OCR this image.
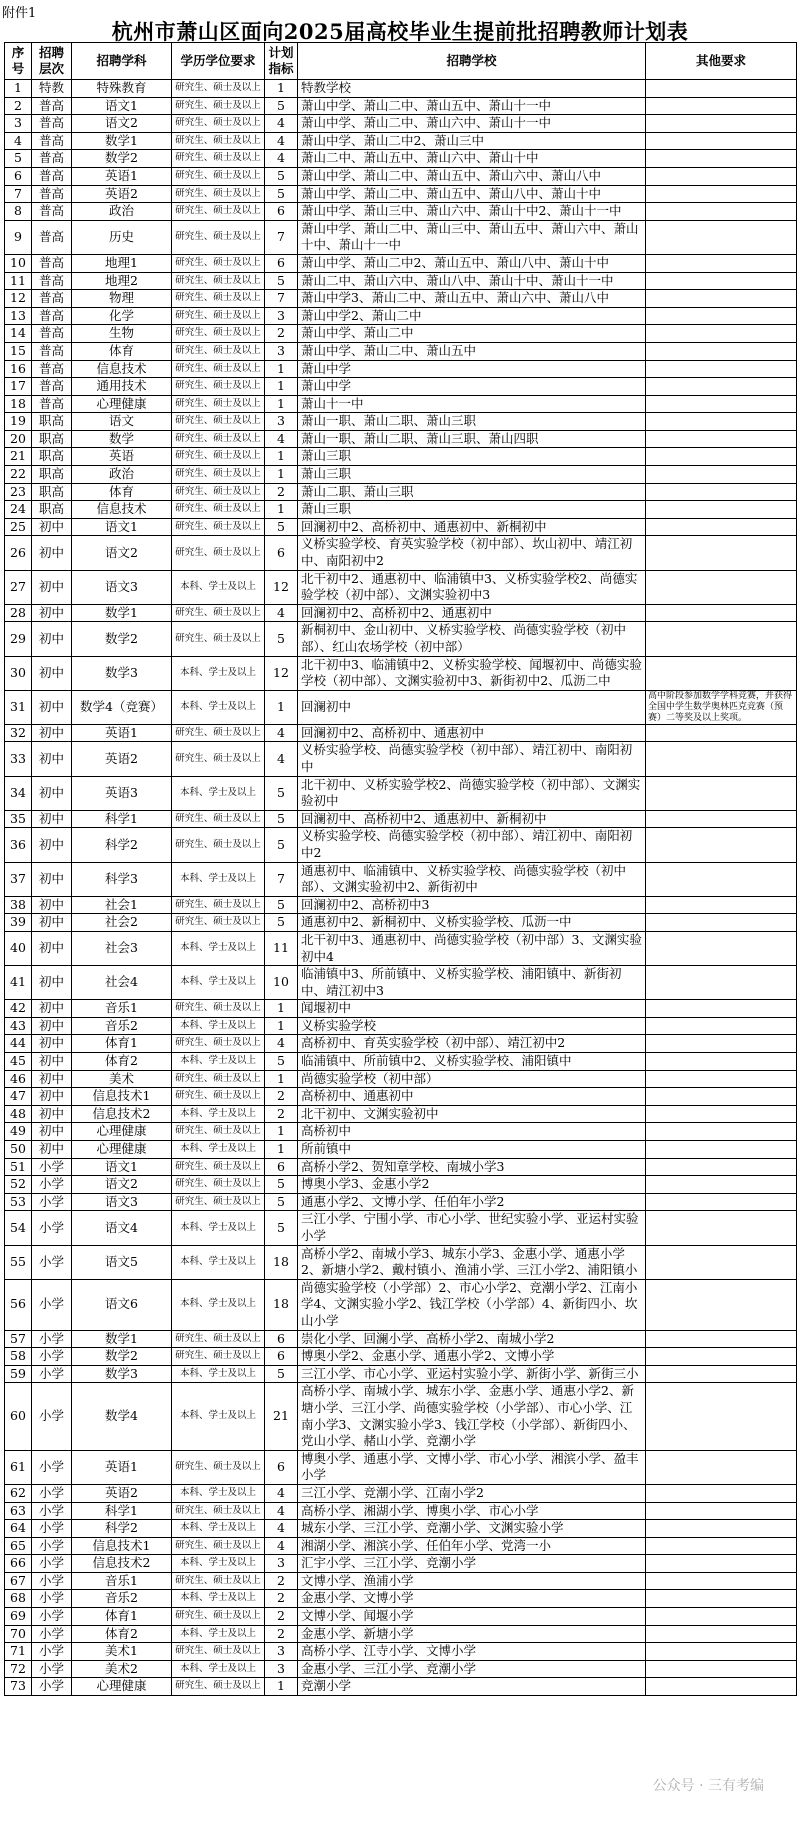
附件1
杭州市萧山区面向2025届高校毕业生提前批招聘教师计划表
序号	招聘层次	招聘学科	学历学位要求	计划指标	招聘学校	其他要求
1	特教	特殊教育	研究生、硕士及以上	1	特教学校	
2	普高	语文1	研究生、硕士及以上	5	萧山中学、萧山二中、萧山五中、萧山十一中	
3	普高	语文2	研究生、硕士及以上	4	萧山中学、萧山二中、萧山六中、萧山十一中	
4	普高	数学1	研究生、硕士及以上	4	萧山中学、萧山二中2、萧山三中	
5	普高	数学2	研究生、硕士及以上	4	萧山二中、萧山五中、萧山六中、萧山十中	
6	普高	英语1	研究生、硕士及以上	5	萧山中学、萧山二中、萧山五中、萧山六中、萧山八中	
7	普高	英语2	研究生、硕士及以上	5	萧山中学、萧山二中、萧山五中、萧山八中、萧山十中	
8	普高	政治	研究生、硕士及以上	6	萧山中学、萧山三中、萧山六中、萧山十中2、萧山十一中	
9	普高	历史	研究生、硕士及以上	7	萧山中学、萧山二中、萧山三中、萧山五中、萧山六中、萧山十中、萧山十一中	
10	普高	地理1	研究生、硕士及以上	6	萧山中学、萧山二中2、萧山五中、萧山八中、萧山十中	
11	普高	地理2	研究生、硕士及以上	5	萧山二中、萧山六中、萧山八中、萧山十中、萧山十一中	
12	普高	物理	研究生、硕士及以上	7	萧山中学3、萧山二中、萧山五中、萧山六中、萧山八中	
13	普高	化学	研究生、硕士及以上	3	萧山中学2、萧山二中	
14	普高	生物	研究生、硕士及以上	2	萧山中学、萧山二中	
15	普高	体育	研究生、硕士及以上	3	萧山中学、萧山二中、萧山五中	
16	普高	信息技术	研究生、硕士及以上	1	萧山中学	
17	普高	通用技术	研究生、硕士及以上	1	萧山中学	
18	普高	心理健康	研究生、硕士及以上	1	萧山十一中	
19	职高	语文	研究生、硕士及以上	3	萧山一职、萧山二职、萧山三职	
20	职高	数学	研究生、硕士及以上	4	萧山一职、萧山二职、萧山三职、萧山四职	
21	职高	英语	研究生、硕士及以上	1	萧山三职	
22	职高	政治	研究生、硕士及以上	1	萧山三职	
23	职高	体育	研究生、硕士及以上	2	萧山二职、萧山三职	
24	职高	信息技术	研究生、硕士及以上	1	萧山三职	
25	初中	语文1	研究生、硕士及以上	5	回澜初中2、高桥初中、通惠初中、新桐初中	
26	初中	语文2	研究生、硕士及以上	6	义桥实验学校、育英实验学校（初中部）、坎山初中、靖江初中、南阳初中2	
27	初中	语文3	本科、学士及以上	12	北干初中2、通惠初中、临浦镇中3、义桥实验学校2、尚德实验学校（初中部）、文渊实验初中3	
28	初中	数学1	研究生、硕士及以上	4	回澜初中2、高桥初中2、通惠初中	
29	初中	数学2	研究生、硕士及以上	5	新桐初中、金山初中、义桥实验学校、尚德实验学校（初中部）、红山农场学校（初中部）	
30	初中	数学3	本科、学士及以上	12	北干初中3、临浦镇中2、义桥实验学校、闻堰初中、尚德实验学校（初中部）、文渊实验初中3、新街初中2、瓜沥二中	
31	初中	数学4（竞赛）	本科、学士及以上	1	回澜初中	高中阶段参加数学学科竞赛，并获得全国中学生数学奥林匹克竞赛（预赛）二等奖及以上奖项。
32	初中	英语1	研究生、硕士及以上	4	回澜初中2、高桥初中、通惠初中	
33	初中	英语2	研究生、硕士及以上	4	义桥实验学校、尚德实验学校（初中部）、靖江初中、南阳初中	
34	初中	英语3	本科、学士及以上	5	北干初中、义桥实验学校2、尚德实验学校（初中部）、文渊实验初中	
35	初中	科学1	研究生、硕士及以上	5	回澜初中、高桥初中2、通惠初中、新桐初中	
36	初中	科学2	研究生、硕士及以上	5	义桥实验学校、尚德实验学校（初中部）、靖江初中、南阳初中2	
37	初中	科学3	本科、学士及以上	7	通惠初中、临浦镇中、义桥实验学校、尚德实验学校（初中部）、文渊实验初中2、新街初中	
38	初中	社会1	研究生、硕士及以上	5	回澜初中2、高桥初中3	
39	初中	社会2	研究生、硕士及以上	5	通惠初中2、新桐初中、义桥实验学校、瓜沥一中	
40	初中	社会3	本科、学士及以上	11	北干初中3、通惠初中、尚德实验学校（初中部）3、文渊实验初中4	
41	初中	社会4	本科、学士及以上	10	临浦镇中3、所前镇中、义桥实验学校、浦阳镇中、新街初中、靖江初中3	
42	初中	音乐1	研究生、硕士及以上	1	闻堰初中	
43	初中	音乐2	本科、学士及以上	1	义桥实验学校	
44	初中	体育1	研究生、硕士及以上	4	高桥初中、育英实验学校（初中部）、靖江初中2	
45	初中	体育2	本科、学士及以上	5	临浦镇中、所前镇中2、义桥实验学校、浦阳镇中	
46	初中	美术	研究生、硕士及以上	1	尚德实验学校（初中部）	
47	初中	信息技术1	研究生、硕士及以上	2	高桥初中、通惠初中	
48	初中	信息技术2	本科、学士及以上	2	北干初中、文渊实验初中	
49	初中	心理健康	研究生、硕士及以上	1	高桥初中	
50	初中	心理健康	本科、学士及以上	1	所前镇中	
51	小学	语文1	研究生、硕士及以上	6	高桥小学2、贺知章学校、南城小学3	
52	小学	语文2	研究生、硕士及以上	5	博奥小学3、金惠小学2	
53	小学	语文3	研究生、硕士及以上	5	通惠小学2、文博小学、任伯年小学2	
54	小学	语文4	本科、学士及以上	5	三江小学、宁围小学、市心小学、世纪实验小学、亚运村实验小学	
55	小学	语文5	本科、学士及以上	18	高桥小学2、南城小学3、城东小学3、金惠小学、通惠小学2、新塘小学2、戴村镇小、渔浦小学、三江小学2、浦阳镇小	
56	小学	语文6	本科、学士及以上	18	尚德实验学校（小学部）2、市心小学2、竞潮小学2、江南小学4、文渊实验小学2、钱江学校（小学部）4、新街四小、坎山小学	
57	小学	数学1	研究生、硕士及以上	6	崇化小学、回澜小学、高桥小学2、南城小学2	
58	小学	数学2	研究生、硕士及以上	6	博奥小学2、金惠小学、通惠小学2、文博小学	
59	小学	数学3	本科、学士及以上	5	三江小学、市心小学、亚运村实验小学、新街小学、新街三小	
60	小学	数学4	本科、学士及以上	21	高桥小学、南城小学、城东小学、金惠小学、通惠小学2、新塘小学、三江小学、尚德实验学校（小学部）、市心小学、江南小学3、文渊实验小学3、钱江学校（小学部）、新街四小、党山小学、赭山小学、竞潮小学	
61	小学	英语1	研究生、硕士及以上	6	博奥小学、通惠小学、文博小学、市心小学、湘滨小学、盈丰小学	
62	小学	英语2	本科、学士及以上	4	三江小学、竞潮小学、江南小学2	
63	小学	科学1	研究生、硕士及以上	4	高桥小学、湘湖小学、博奥小学、市心小学	
64	小学	科学2	本科、学士及以上	4	城东小学、三江小学、竞潮小学、文渊实验小学	
65	小学	信息技术1	研究生、硕士及以上	4	湘湖小学、湘滨小学、任伯年小学、党湾一小	
66	小学	信息技术2	本科、学士及以上	3	汇宇小学、三江小学、竞潮小学	
67	小学	音乐1	研究生、硕士及以上	2	文博小学、渔浦小学	
68	小学	音乐2	本科、学士及以上	2	金惠小学、文博小学	
69	小学	体育1	研究生、硕士及以上	2	文博小学、闻堰小学	
70	小学	体育2	本科、学士及以上	2	金惠小学、新塘小学	
71	小学	美术1	研究生、硕士及以上	3	高桥小学、江寺小学、文博小学	
72	小学	美术2	本科、学士及以上	3	金惠小学、三江小学、竞潮小学	
73	小学	心理健康	研究生、硕士及以上	1	竞潮小学	
公众号 · 三有考编
